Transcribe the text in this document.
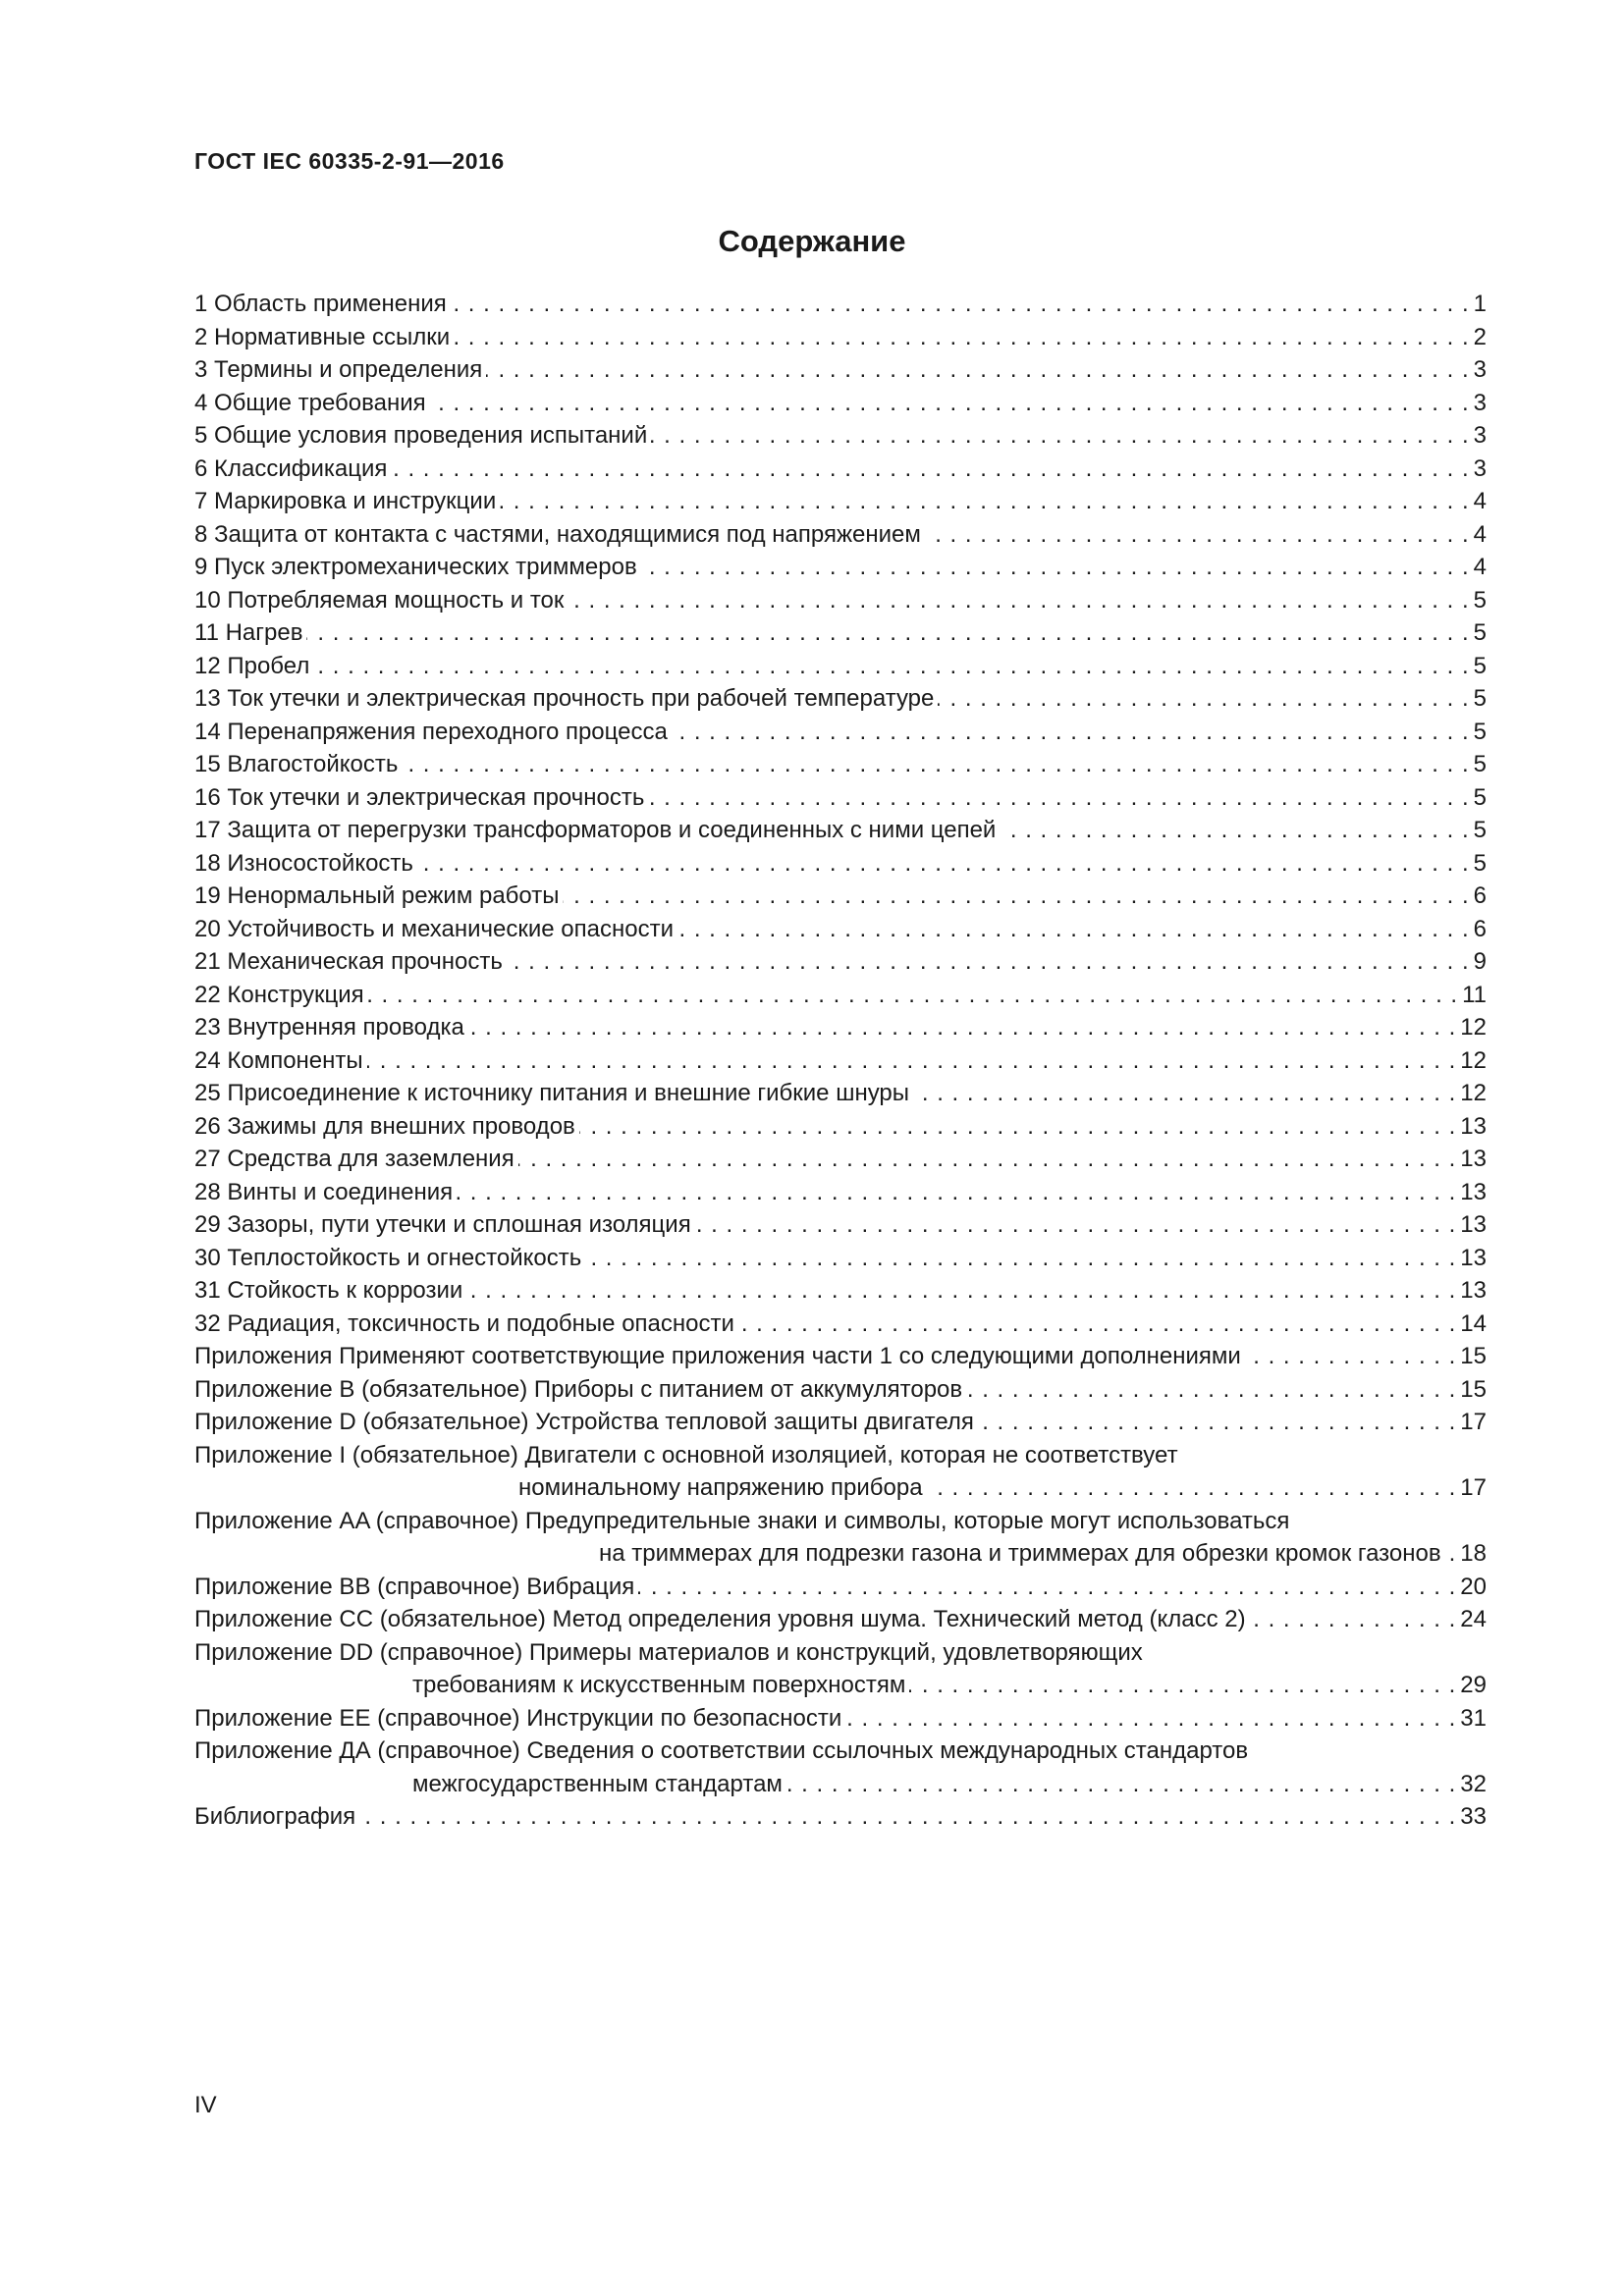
ГОСТ IEC 60335-2-91—2016
Содержание
1 Область применения . . .	1
2 Нормативные ссылки . . .	2
3 Термины и определения . . .	3
4 Общие требования . . .	3
5 Общие условия проведения испытаний . . .	3
6 Классификация . . .	3
7 Маркировка и инструкции . . .	4
8 Защита от контакта с частями, находящимися под напряжением . . .	4
9 Пуск электромеханических триммеров . . .	4
10 Потребляемая мощность и ток . . .	5
11 Нагрев . . .	5
12 Пробел . . .	5
13 Ток утечки и электрическая прочность при рабочей температуре . . .	5
14 Перенапряжения переходного процесса . . .	5
15 Влагостойкость . . .	5
16 Ток утечки и электрическая прочность . . .	5
17 Защита от перегрузки трансформаторов и соединенных с ними цепей . . .	5
18 Износостойкость . . .	5
19 Ненормальный режим работы . . .	6
20 Устойчивость и механические опасности . . .	6
21 Механическая прочность . . .	9
22 Конструкция . . .	11
23 Внутренняя проводка . . .	12
24 Компоненты . . .	12
25 Присоединение к источнику питания и внешние гибкие шнуры . . .	12
26 Зажимы для внешних проводов . . .	13
27 Средства для заземления . . .	13
28 Винты и соединения . . .	13
29 Зазоры, пути утечки и сплошная изоляция . . .	13
30 Теплостойкость и огнестойкость . . .	13
31 Стойкость к коррозии . . .	13
32 Радиация, токсичность и подобные опасности . . .	14
Приложения Применяют соответствующие приложения части 1 со следующими дополнениями . . .	15
Приложение B (обязательное) Приборы с питанием от аккумуляторов . . .	15
Приложение D (обязательное) Устройства тепловой защиты двигателя . . .	17
Приложение I (обязательное) Двигатели с основной изоляцией, которая не соответствует
номинальному напряжению прибора . . .	17
Приложение AA (справочное) Предупредительные знаки и символы, которые могут использоваться
на триммерах для подрезки газона и триммерах для обрезки кромок газонов . . . 18
Приложение BB (справочное) Вибрация . . .	20
Приложение CC (обязательное) Метод определения уровня шума. Технический метод (класс 2) . . .	24
Приложение DD (справочное) Примеры материалов и конструкций, удовлетворяющих
требованиям к искусственным поверхностям . . .	29
Приложение EE (справочное) Инструкции по безопасности . . .	31
Приложение ДА (справочное) Сведения о соответствии ссылочных международных стандартов
межгосударственным стандартам . . .	32
Библиография . . .	33
IV
